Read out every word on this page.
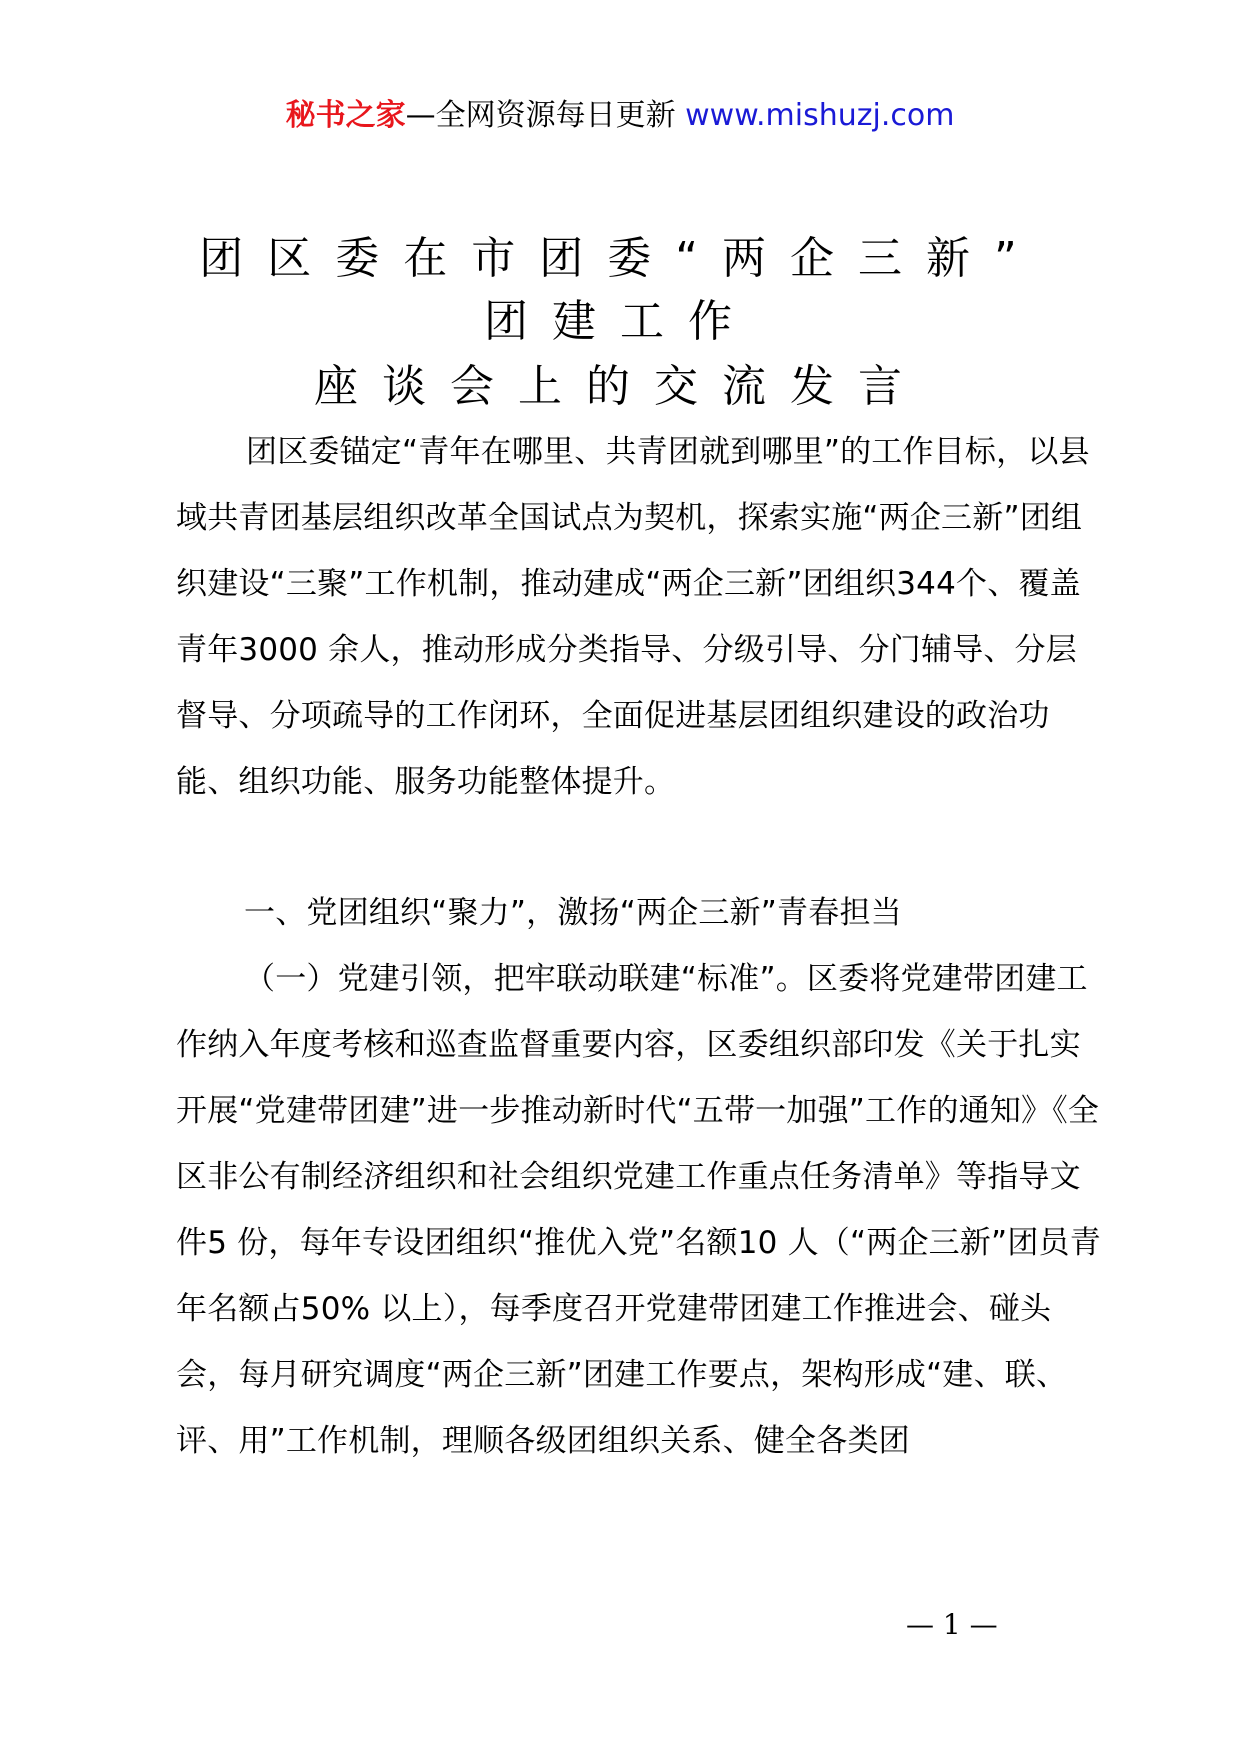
秘书之家—全网资源每日更新 www.mishuzj.com
团区委在市团委“两企三新”
团建工作
座谈会上的交流发言

团区委锚定“青年在哪里、共青团就到哪里”的工作目标，以县域共青团基层组织改革全国试点为契机，探索实施“两企三新”团组织建设“三聚”工作机制，推动建成“两企三新”团组织344个、覆盖青年3000 余人，推动形成分类指导、分级引导、分门辅导、分层督导、分项疏导的工作闭环，全面促进基层团组织建设的政治功能、组织功能、服务功能整体提升。

一、党团组织“聚力”，激扬“两企三新”青春担当

（一）党建引领，把牢联动联建“标准”。区委将党建带团建工作纳入年度考核和巡查监督重要内容，区委组织部印发《关于扎实开展“党建带团建”进一步推动新时代“五带一加强”工作的通知》《全区非公有制经济组织和社会组织党建工作重点任务清单》等指导文件5 份，每年专设团组织“推优入党”名额10 人（“两企三新”团员青年名额占50% 以上），每季度召开党建带团建工作推进会、碰头会，每月研究调度“两企三新”团建工作要点，架构形成“建、联、评、用”工作机制，理顺各级团组织关系、健全各类团

— 1 —
